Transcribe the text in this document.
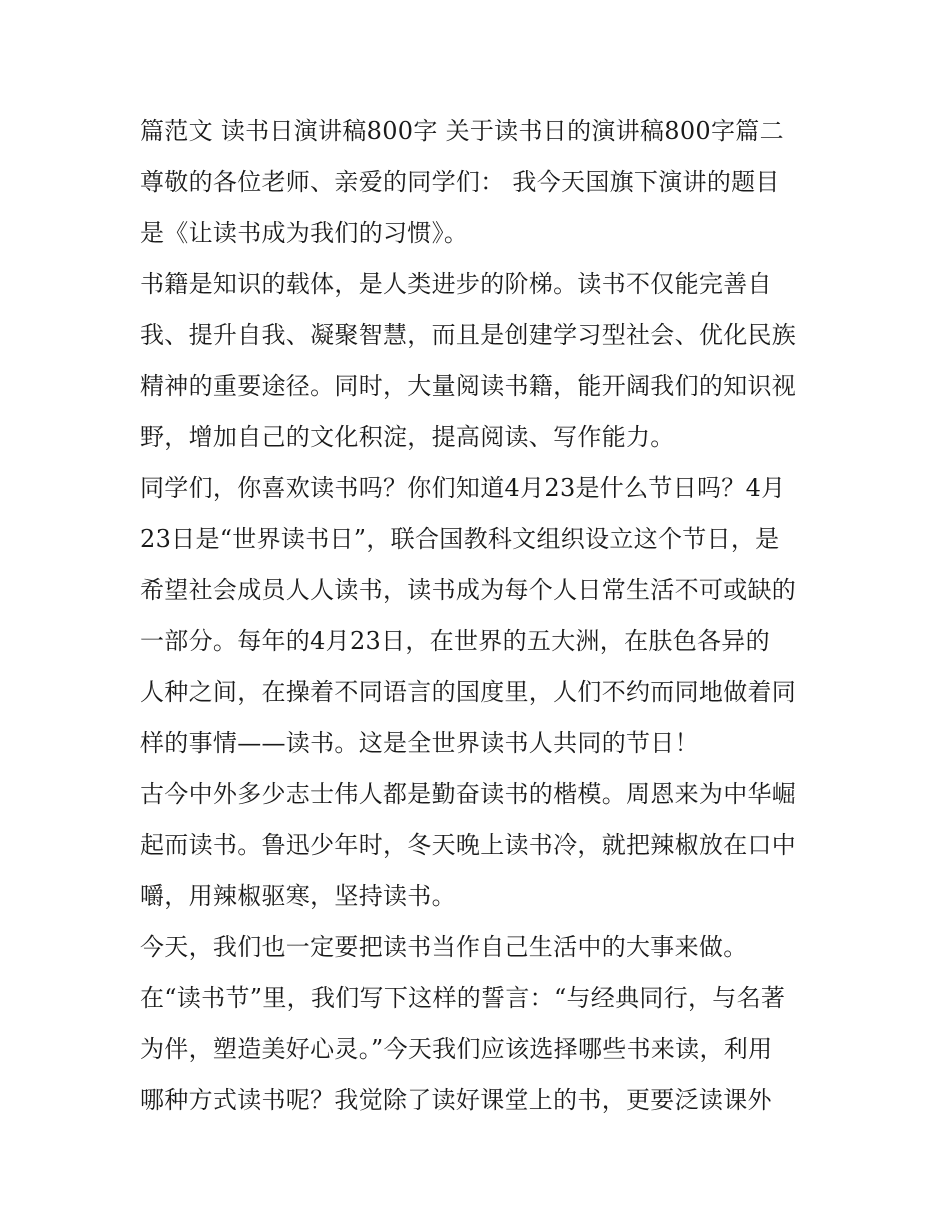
篇范文 读书日演讲稿800字 关于读书日的演讲稿800字篇二
尊敬的各位老师、亲爱的同学们： 我今天国旗下演讲的题目
是《让读书成为我们的习惯》。
书籍是知识的载体，是人类进步的阶梯。读书不仅能完善自
我、提升自我、凝聚智慧，而且是创建学习型社会、优化民族
精神的重要途径。同时，大量阅读书籍，能开阔我们的知识视
野，增加自己的文化积淀，提高阅读、写作能力。
同学们，你喜欢读书吗？你们知道4月23是什么节日吗？4月
23日是“世界读书日”，联合国教科文组织设立这个节日，是
希望社会成员人人读书，读书成为每个人日常生活不可或缺的
一部分。每年的4月23日，在世界的五大洲，在肤色各异的
人种之间，在操着不同语言的国度里，人们不约而同地做着同
样的事情——读书。这是全世界读书人共同的节日！
古今中外多少志士伟人都是勤奋读书的楷模。周恩来为中华崛
起而读书。鲁迅少年时，冬天晚上读书冷，就把辣椒放在口中
嚼，用辣椒驱寒，坚持读书。
今天，我们也一定要把读书当作自己生活中的大事来做。
在“读书节”里，我们写下这样的誓言：“与经典同行，与名著
为伴，塑造美好心灵。”今天我们应该选择哪些书来读，利用
哪种方式读书呢？我觉除了读好课堂上的书，更要泛读课外
